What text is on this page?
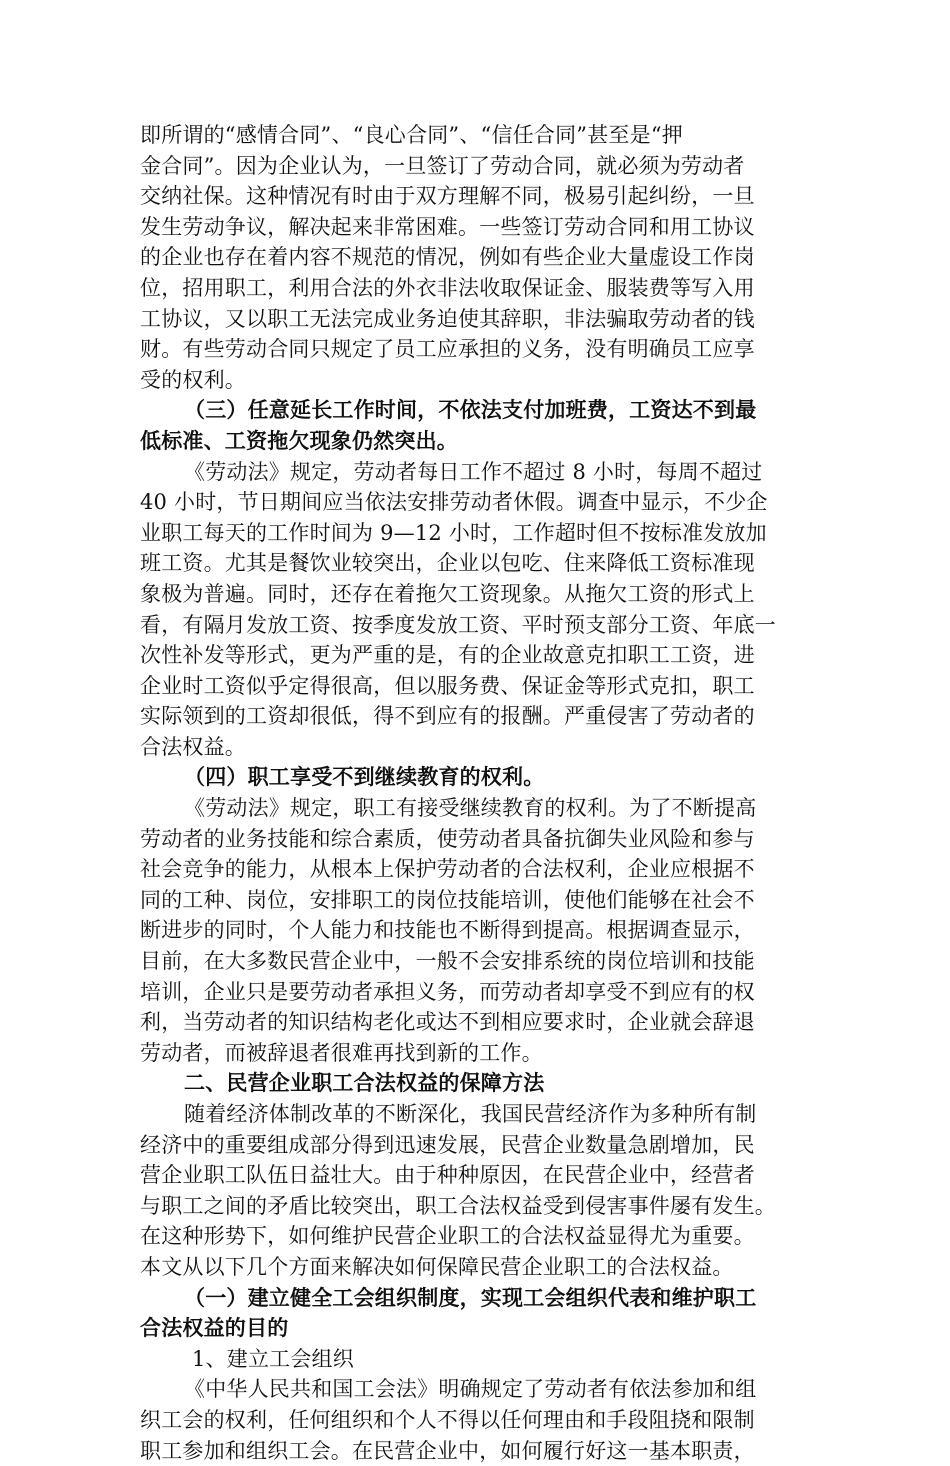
即所谓的“感情合同”、“良心合同”、“信任合同”甚至是“押
金合同”。因为企业认为，一旦签订了劳动合同，就必须为劳动者
交纳社保。这种情况有时由于双方理解不同，极易引起纠纷，一旦
发生劳动争议，解决起来非常困难。一些签订劳动合同和用工协议
的企业也存在着内容不规范的情况，例如有些企业大量虚设工作岗
位，招用职工，利用合法的外衣非法收取保证金、服装费等写入用
工协议，又以职工无法完成业务迫使其辞职，非法骗取劳动者的钱
财。有些劳动合同只规定了员工应承担的义务，没有明确员工应享
受的权利。
（三）任意延长工作时间，不依法支付加班费，工资达不到最
低标准、工资拖欠现象仍然突出。
《劳动法》规定，劳动者每日工作不超过 8 小时，每周不超过
40 小时，节日期间应当依法安排劳动者休假。调查中显示，不少企
业职工每天的工作时间为 9—12 小时，工作超时但不按标准发放加
班工资。尤其是餐饮业较突出，企业以包吃、住来降低工资标准现
象极为普遍。同时，还存在着拖欠工资现象。从拖欠工资的形式上
看，有隔月发放工资、按季度发放工资、平时预支部分工资、年底一
次性补发等形式，更为严重的是，有的企业故意克扣职工工资，进
企业时工资似乎定得很高，但以服务费、保证金等形式克扣，职工
实际领到的工资却很低，得不到应有的报酬。严重侵害了劳动者的
合法权益。
（四）职工享受不到继续教育的权利。
《劳动法》规定，职工有接受继续教育的权利。为了不断提高
劳动者的业务技能和综合素质，使劳动者具备抗御失业风险和参与
社会竞争的能力，从根本上保护劳动者的合法权利，企业应根据不
同的工种、岗位，安排职工的岗位技能培训，使他们能够在社会不
断进步的同时，个人能力和技能也不断得到提高。根据调查显示，
目前，在大多数民营企业中，一般不会安排系统的岗位培训和技能
培训，企业只是要劳动者承担义务，而劳动者却享受不到应有的权
利，当劳动者的知识结构老化或达不到相应要求时，企业就会辞退
劳动者，而被辞退者很难再找到新的工作。
二、民营企业职工合法权益的保障方法
随着经济体制改革的不断深化，我国民营经济作为多种所有制
经济中的重要组成部分得到迅速发展，民营企业数量急剧增加，民
营企业职工队伍日益壮大。由于种种原因，在民营企业中，经营者
与职工之间的矛盾比较突出，职工合法权益受到侵害事件屡有发生。
在这种形势下，如何维护民营企业职工的合法权益显得尤为重要。
本文从以下几个方面来解决如何保障民营企业职工的合法权益。
（一）建立健全工会组织制度，实现工会组织代表和维护职工
合法权益的目的
1、建立工会组织
《中华人民共和国工会法》明确规定了劳动者有依法参加和组
织工会的权利，任何组织和个人不得以任何理由和手段阻挠和限制
职工参加和组织工会。在民营企业中，如何履行好这一基本职责，
